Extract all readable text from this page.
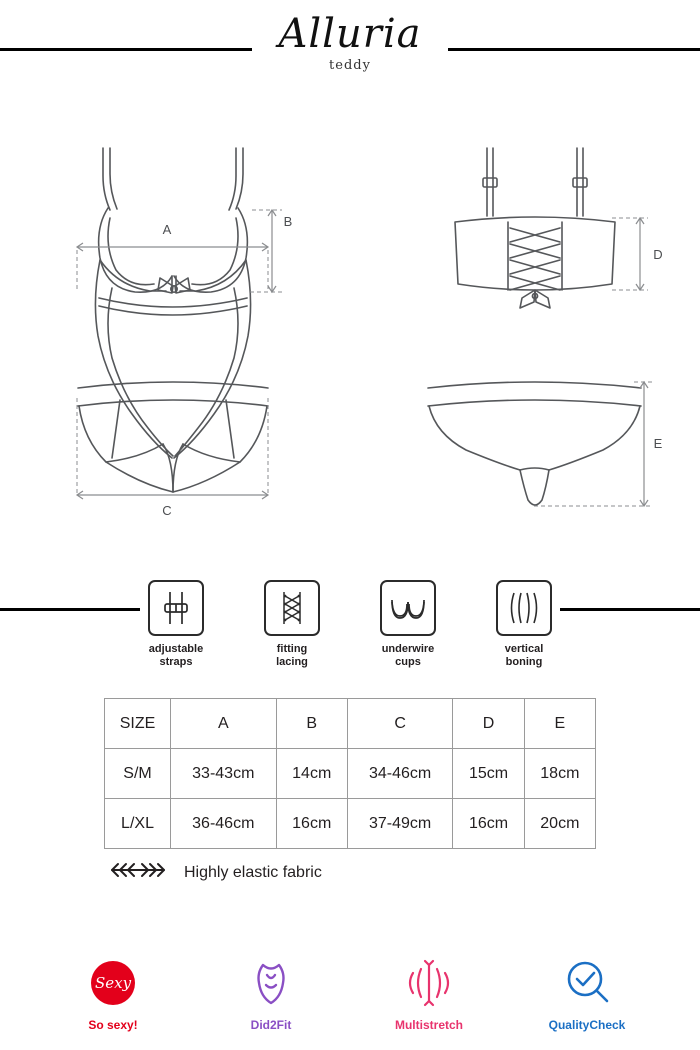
Alluria
teddy
A
B
C
D
E
adjustable
straps
fitting
lacing
underwire
cups
vertical
boning
SIZE	A	B	C	D	E
S/M	33-43cm	14cm	34-46cm	15cm	18cm
L/XL	36-46cm	16cm	37-49cm	16cm	20cm
Highly elastic fabric
Sexy
So sexy!	Did2Fit	Multistretch	QualityCheck
